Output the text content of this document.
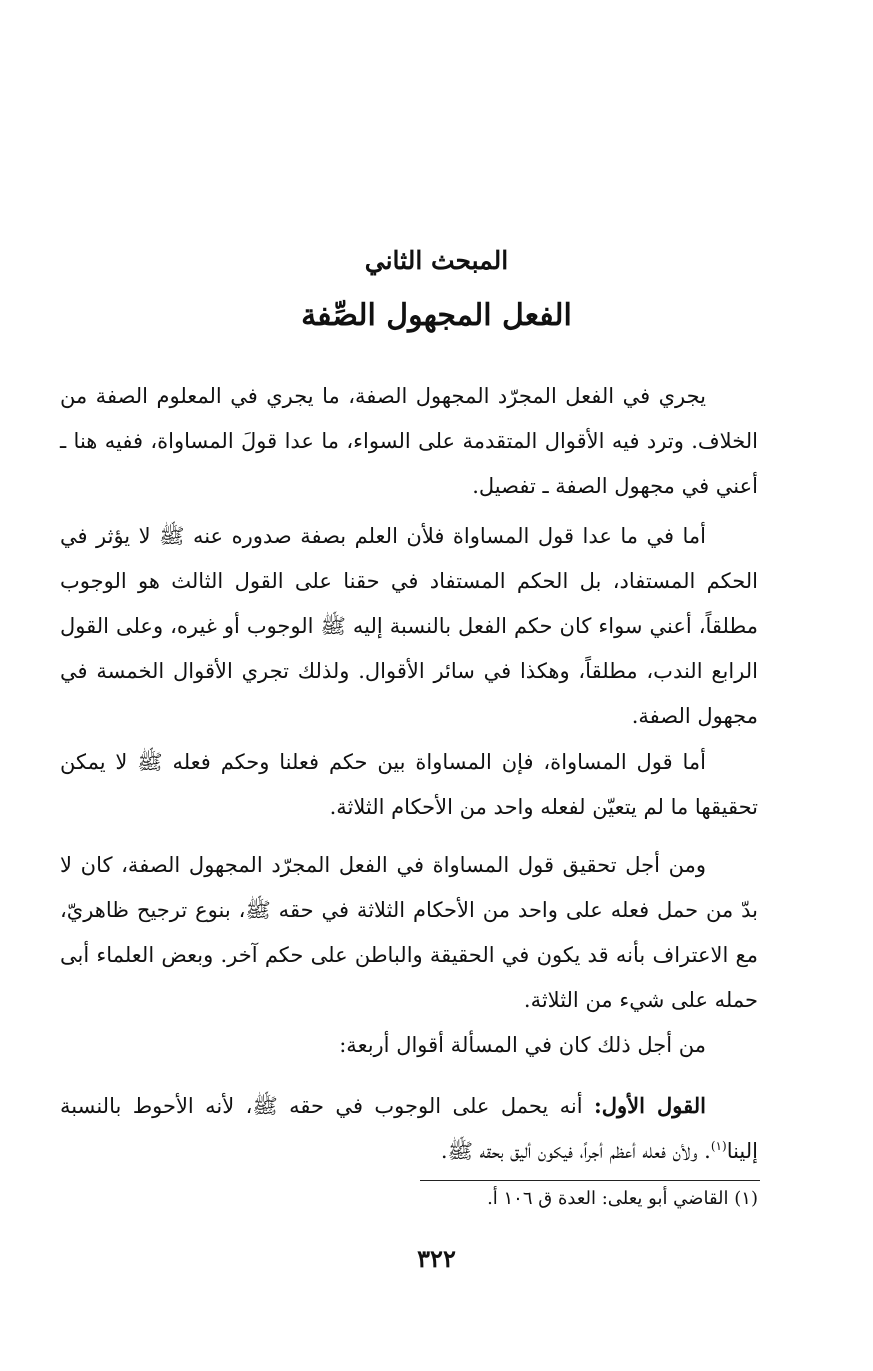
المبحث الثاني
الفعل المجهول الصِّفة

يجري في الفعل المجرّد المجهول الصفة، ما يجري في المعلوم الصفة من الخلاف. وترد فيه الأقوال المتقدمة على السواء، ما عدا قولَ المساواة، ففيه هنا ـ أعني في مجهول الصفة ـ تفصيل.

أما في ما عدا قول المساواة فلأن العلم بصفة صدوره عنه ﷺ لا يؤثر في الحكم المستفاد، بل الحكم المستفاد في حقنا على القول الثالث هو الوجوب مطلقاً، أعني سواء كان حكم الفعل بالنسبة إليه ﷺ الوجوب أو غيره، وعلى القول الرابع الندب، مطلقاً، وهكذا في سائر الأقوال. ولذلك تجري الأقوال الخمسة في مجهول الصفة.

أما قول المساواة، فإن المساواة بين حكم فعلنا وحكم فعله ﷺ لا يمكن تحقيقها ما لم يتعيّن لفعله واحد من الأحكام الثلاثة.

ومن أجل تحقيق قول المساواة في الفعل المجرّد المجهول الصفة، كان لا بدّ من حمل فعله على واحد من الأحكام الثلاثة في حقه ﷺ، بنوع ترجيح ظاهريّ، مع الاعتراف بأنه قد يكون في الحقيقة والباطن على حكم آخر. وبعض العلماء أبى حمله على شيء من الثلاثة.

من أجل ذلك كان في المسألة أقوال أربعة:

القول الأول: أنه يحمل على الوجوب في حقه ﷺ، لأنه الأحوط بالنسبة إلينا$^{(١)}$. ولأن فعله أعظم أجراً، فيكون أليق بحقه ﷺ.

(١) القاضي أبو يعلى: العدة ق ١٠٦ أ.
٣٢٢
